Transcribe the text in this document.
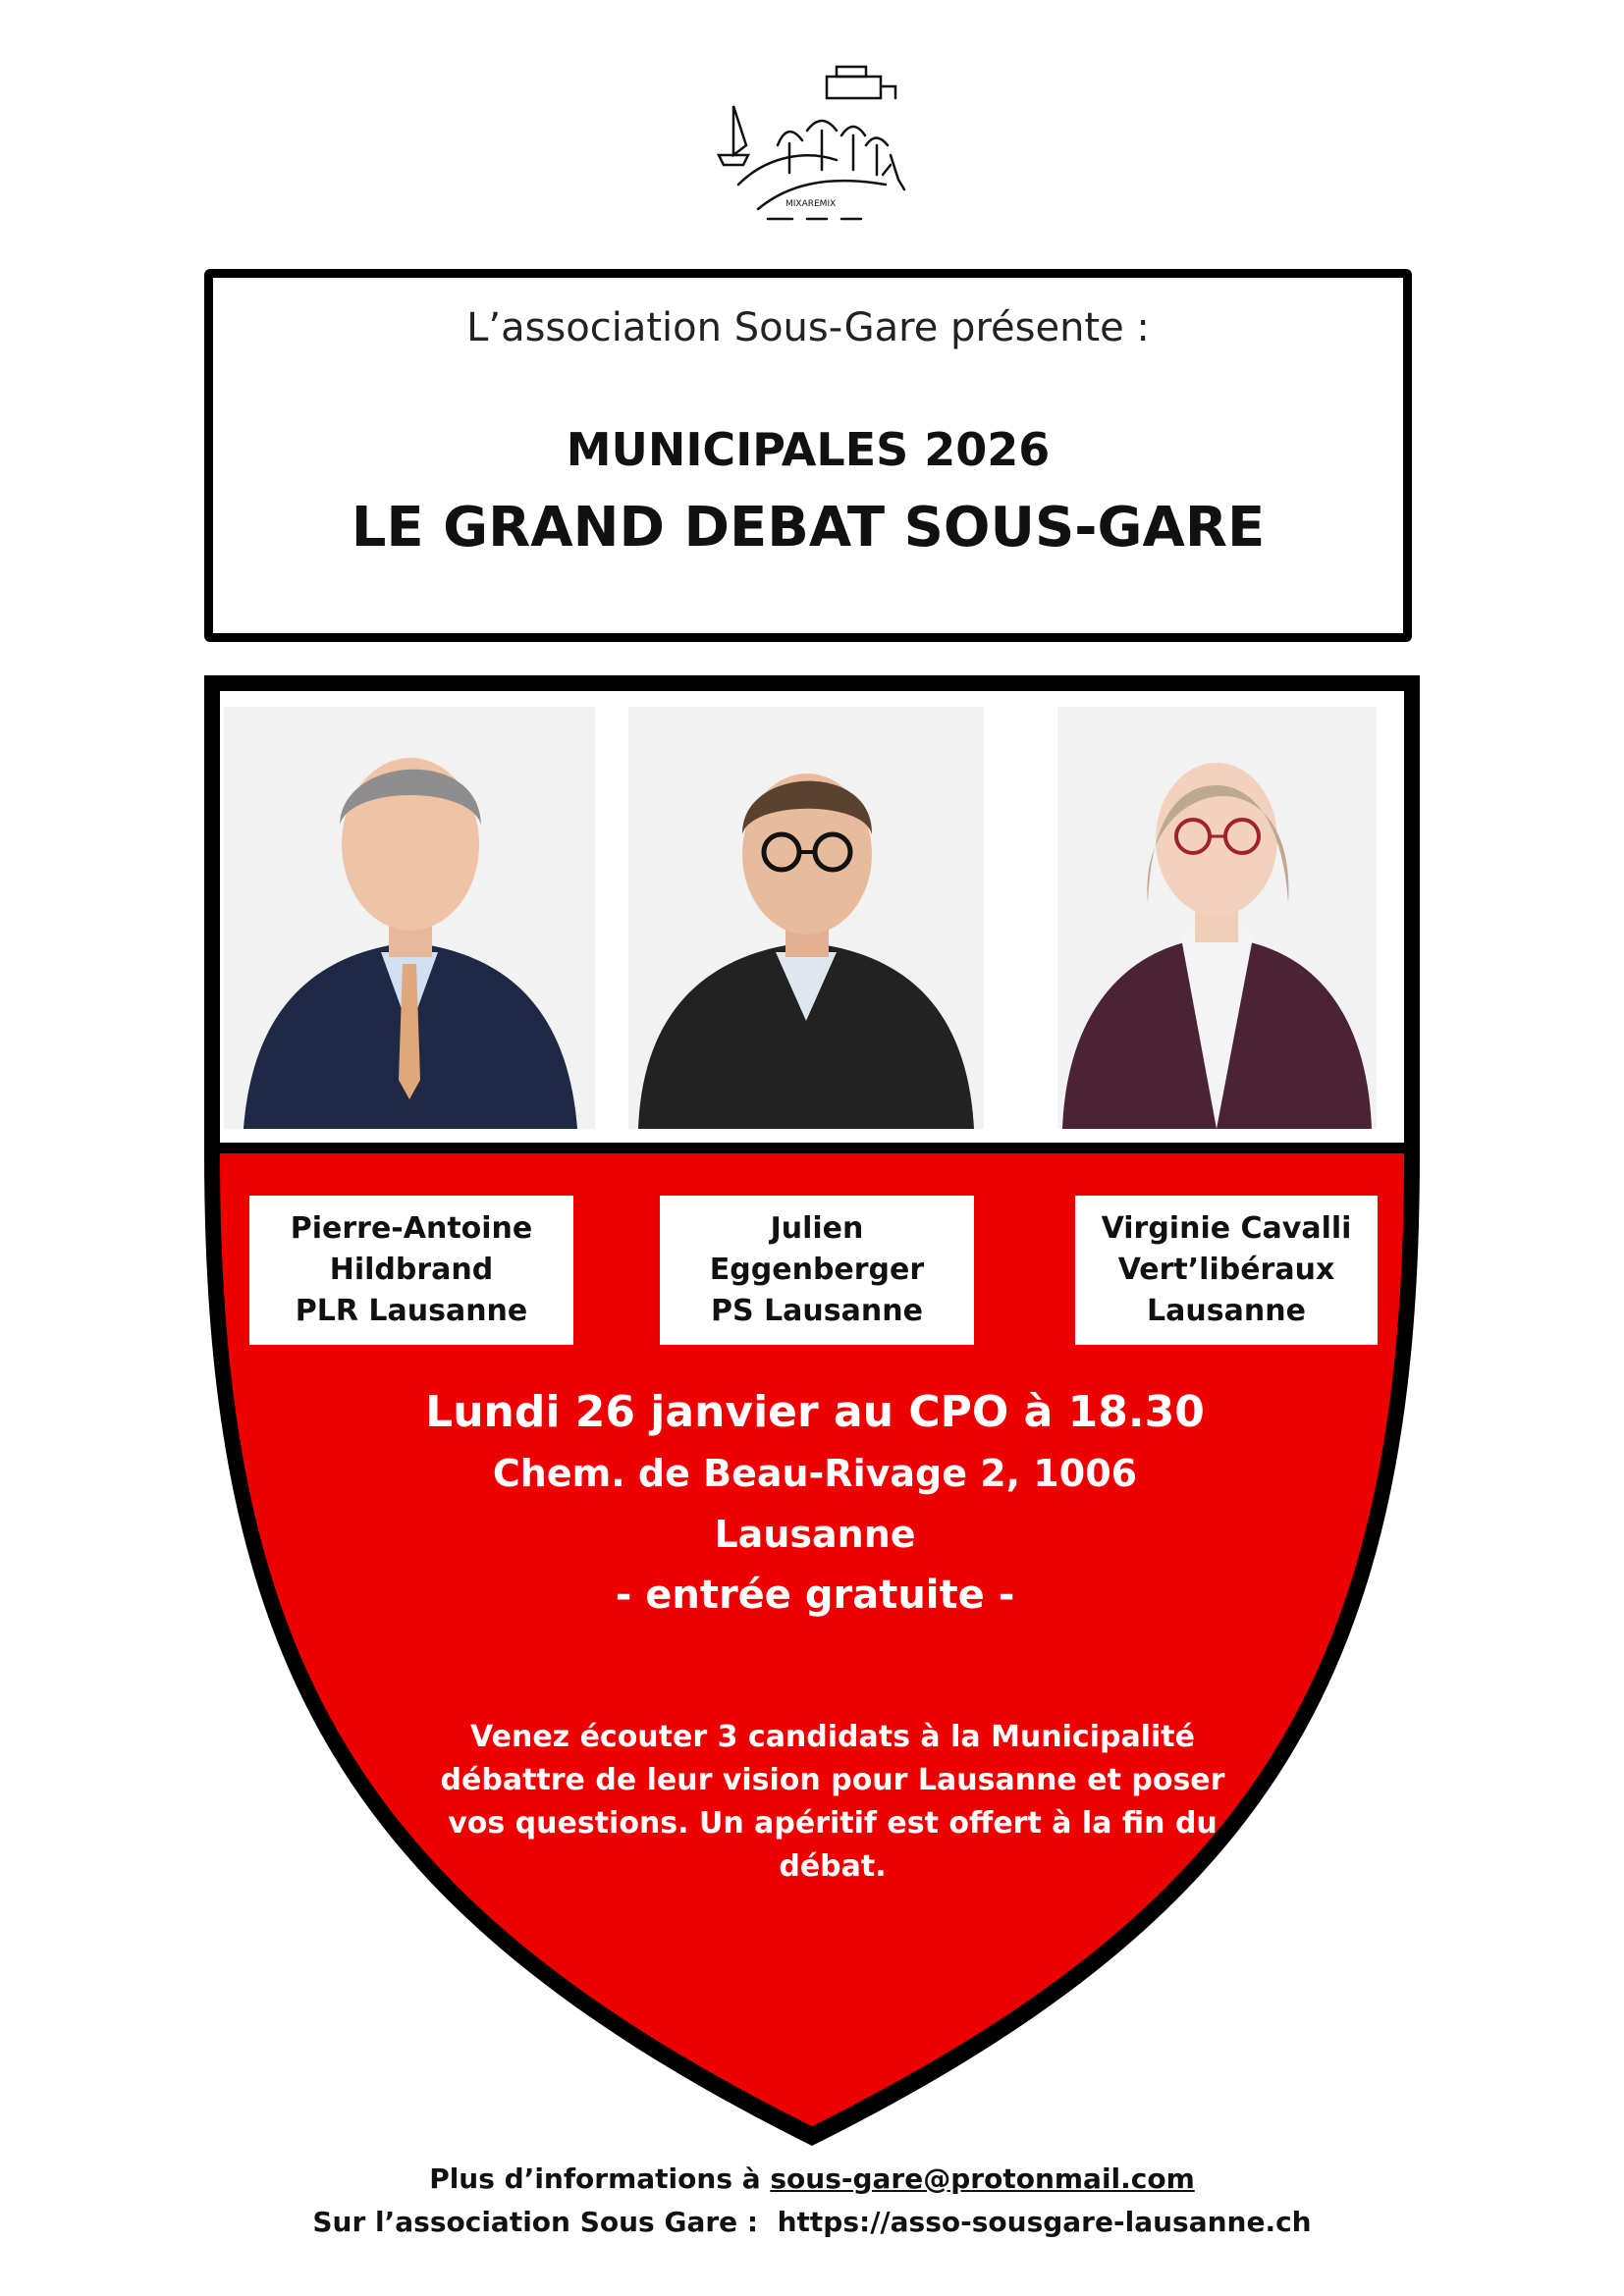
MIXAREMIX
L’association Sous-Gare présente :
MUNICIPALES 2026
LE GRAND DEBAT SOUS-GARE
Pierre-Antoine
Hildbrand
PLR Lausanne
Julien
Eggenberger
PS Lausanne
Virginie Cavalli
Vert’libéraux
Lausanne
Lundi 26 janvier au CPO à 18.30
Chem. de Beau-Rivage 2, 1006
Lausanne
- entrée gratuite -
Venez écouter 3 candidats à la Municipalité débattre de leur vision pour Lausanne et poser vos questions. Un apéritif est offert à la fin du débat.
Plus d’informations à sous-gare@protonmail.com
Sur l’association Sous Gare :  https://asso-sousgare-lausanne.ch
